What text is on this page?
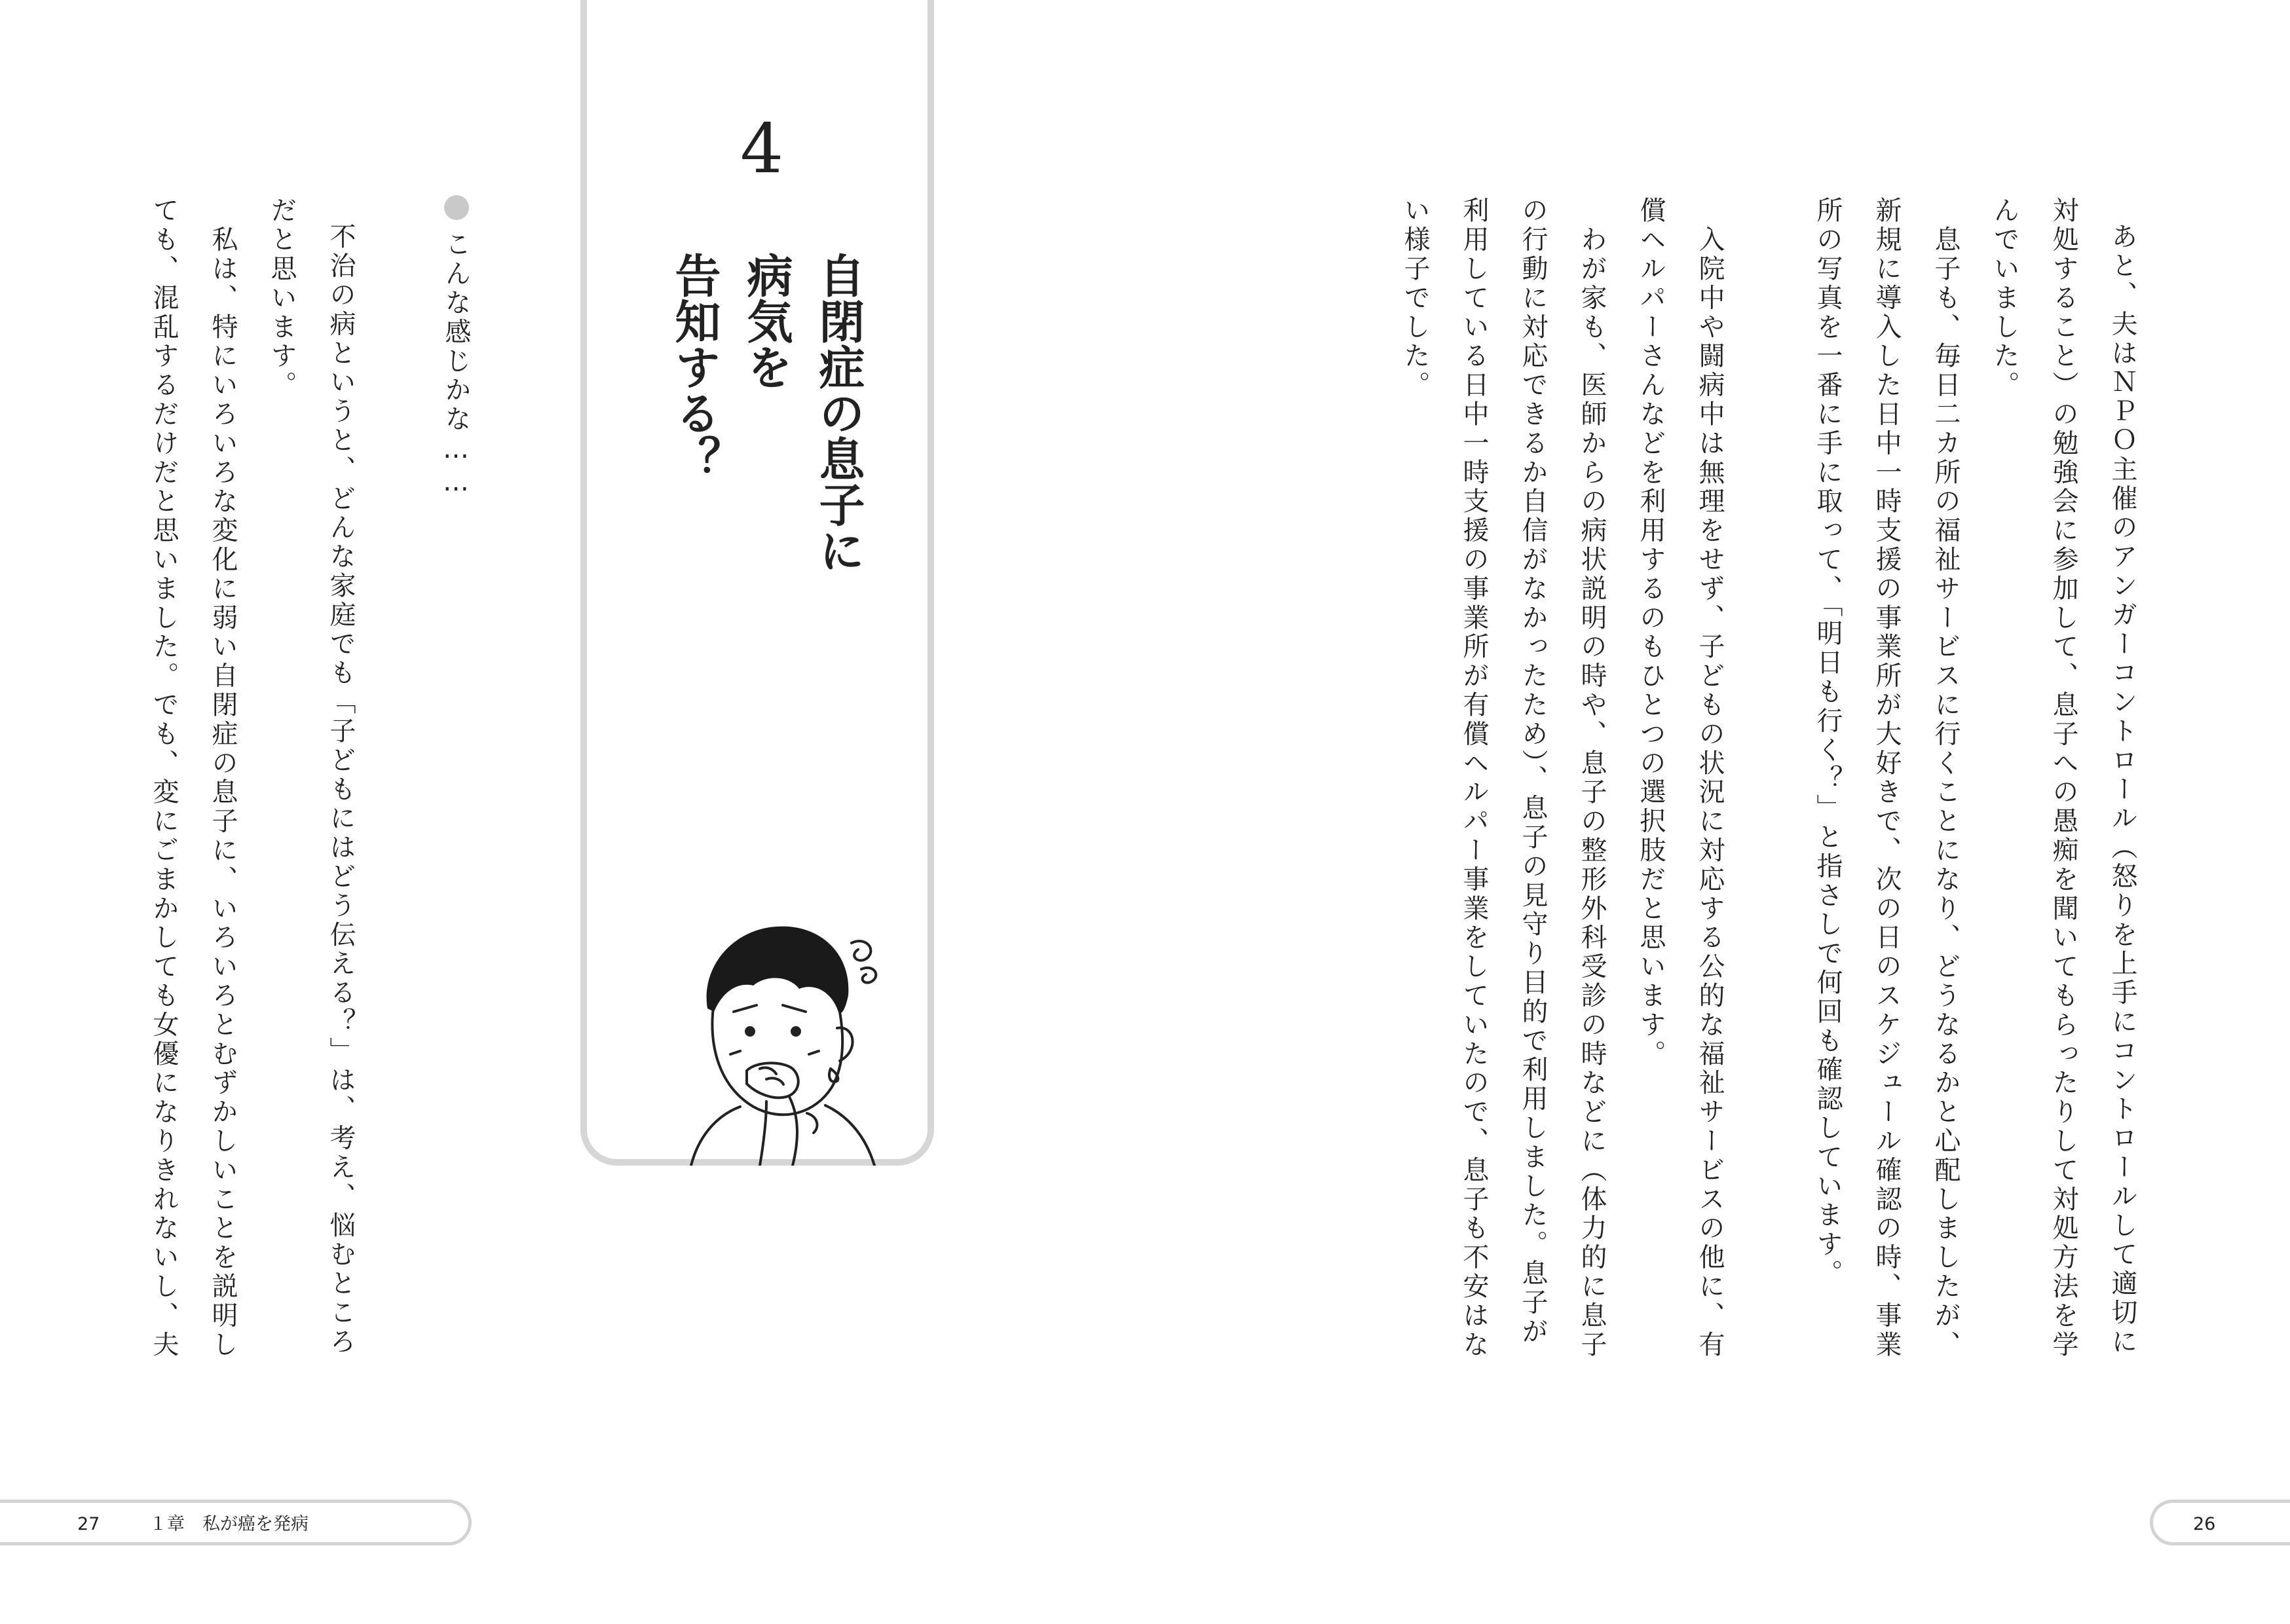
あと、夫はＮＰＯ主催のアンガーコントロール（怒りを上手にコントロールして適切に
対処すること）の勉強会に参加して、息子への愚痴を聞いてもらったりして対処方法を学
んでいました。
　息子も、毎日二カ所の福祉サービスに行くことになり、どうなるかと心配しましたが、
新規に導入した日中一時支援の事業所が大好きで、次の日のスケジュール確認の時、事業
所の写真を一番に手に取って、「明日も行く？」と指さしで何回も確認しています。
　入院中や闘病中は無理をせず、子どもの状況に対応する公的な福祉サービスの他に、有
償ヘルパーさんなどを利用するのもひとつの選択肢だと思います。
　わが家も、医師からの病状説明の時や、息子の整形外科受診の時などに（体力的に息子
の行動に対応できるか自信がなかったため）、息子の見守り目的で利用しました。息子が
利用している日中一時支援の事業所が有償ヘルパー事業をしていたので、息子も不安はな
い様子でした。
26
4
自閉症の息子に
病気を
告知する？
こんな感じかな……
不治の病というと、どんな家庭でも「子どもにはどう伝える？」は、考え、悩むところ
だと思います。
　私は、特にいろいろな変化に弱い自閉症の息子に、いろいろとむずかしいことを説明し
ても、混乱するだけだと思いました。でも、変にごまかしても女優になりきれないし、夫
27	１章　私が癌を発病
